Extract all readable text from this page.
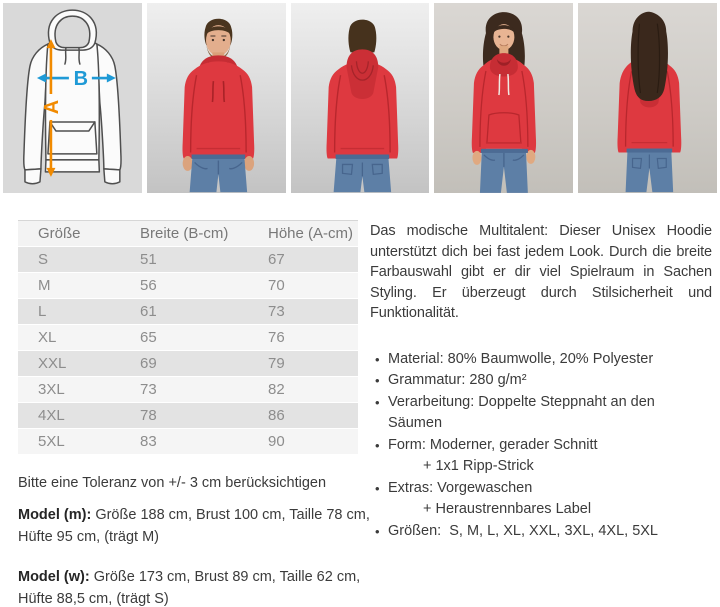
B
A
Größe	Breite (B-cm)	Höhe (A-cm)
S	51	67
M	56	70
L	61	73
XL	65	76
XXL	69	79
3XL	73	82
4XL	78	86
5XL	83	90

Das modische Multitalent: Dieser Unisex Hoodie unterstützt dich bei fast jedem Look. Durch die breite Farbauswahl gibt er dir viel Spielraum in Sachen Styling. Er überzeugt durch Stilsicherheit und Funktionalität.

• Material: 80% Baumwolle, 20% Polyester
• Grammatur: 280 g/m²
• Verarbeitung: Doppelte Steppnaht an den Säumen
• Form: Moderner, gerader Schnitt
+ 1x1 Ripp-Strick
• Extras: Vorgewaschen
+ Heraustrennbares Label
• Größen:  S, M, L, XL, XXL, 3XL, 4XL, 5XL
Bitte eine Toleranz von +/- 3 cm berücksichtigen
Model (m): Größe 188 cm, Brust 100 cm, Taille 78 cm, Hüfte 95 cm, (trägt M)
Model (w): Größe 173 cm, Brust 89 cm, Taille 62 cm, Hüfte 88,5 cm, (trägt S)
